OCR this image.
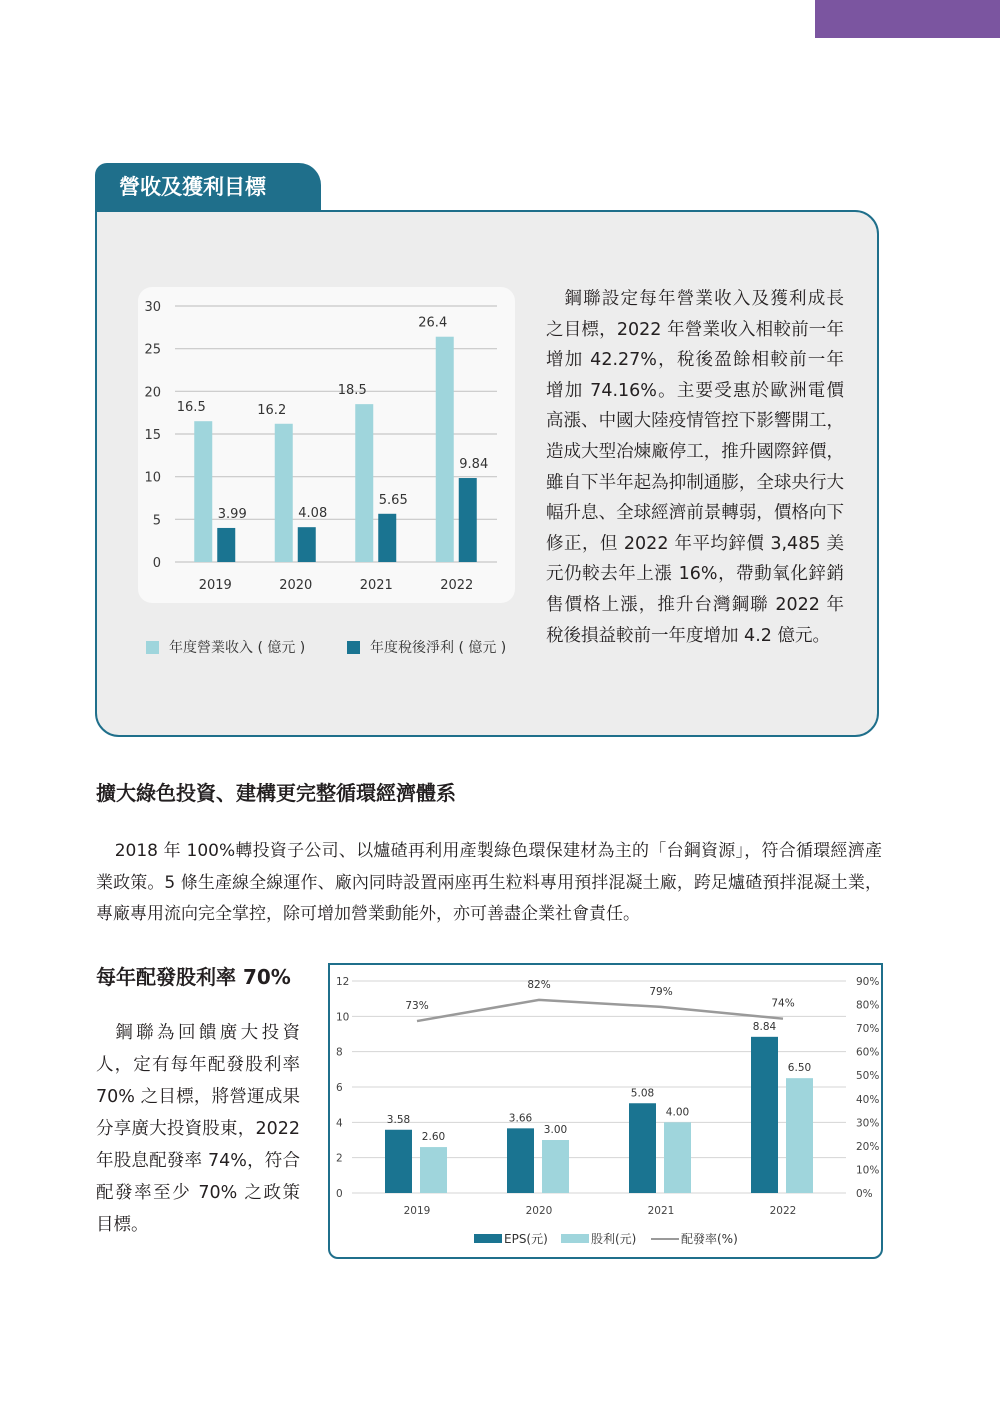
營收及獲利目標
0
5
10
15
20
25
30
16.5
3.99
2019
16.2
4.08
2020
18.5
5.65
2021
26.4
9.84
2022
年度營業收入 ( 億元 )	年度稅後淨利 ( 億元 )

鋼聯設定每年營業收入及獲利成長之目標，2022 年營業收入相較前一年增加 42.27%，稅後盈餘相較前一年增加 74.16%。主要受惠於歐洲電價高漲、中國大陸疫情管控下影響開工，造成大型冶煉廠停工，推升國際鋅價，雖自下半年起為抑制通膨，全球央行大幅升息、全球經濟前景轉弱，價格向下修正，但 2022 年平均鋅價 3,485 美元仍較去年上漲 16%，帶動氧化鋅銷售價格上漲，推升台灣鋼聯 2022 年稅後損益較前一年度增加 4.2 億元。

擴大綠色投資、建構更完整循環經濟體系

2018 年 100%轉投資子公司、以爐碴再利用產製綠色環保建材為主的「台鋼資源」，符合循環經濟產業政策。5 條生產線全線運作、廠內同時設置兩座再生粒料專用預拌混凝土廠，跨足爐碴預拌混凝土業，專廠專用流向完全掌控，除可增加營業動能外，亦可善盡企業社會責任。

每年配發股利率 70%

鋼聯為回饋廣大投資人，定有每年配發股利率 70% 之目標，將營運成果分享廣大投資股東，2022 年股息配發率 74%，符合配發率至少 70% 之政策目標。

0
2
4
6
8
10
12
0%
10%
20%
30%
40%
50%
60%
70%
80%
90%
3.58
2.60
2019
3.66
3.00
2020
5.08
4.00
2021
8.84
6.50
2022
73%
82%
79%
74%
EPS(元)	股利(元)	配發率(%)
